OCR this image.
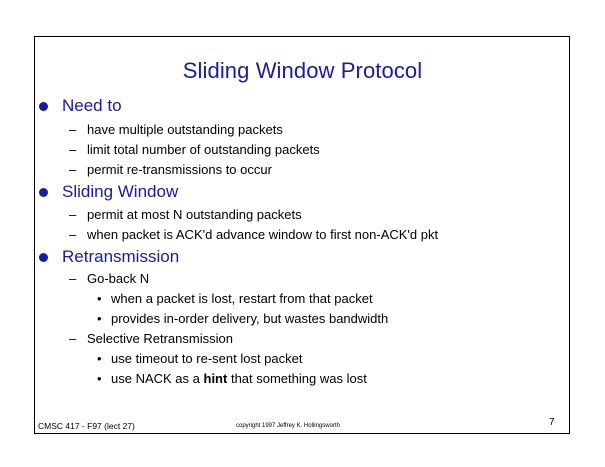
Sliding Window Protocol
Need to
– have multiple outstanding packets
– limit total number of outstanding packets
– permit re-transmissions to occur
Sliding Window
– permit at most N outstanding packets
– when packet is ACK'd advance window to first non-ACK'd pkt
Retransmission
– Go-back N
• when a packet is lost, restart from that packet
• provides in-order delivery, but wastes bandwidth
– Selective Retransmission
• use timeout to re-sent lost packet
• use NACK as a hint that something was lost
CMSC 417 - F97 (lect 27)	copyright 1997 Jeffrey K. Hollingsworth	7
